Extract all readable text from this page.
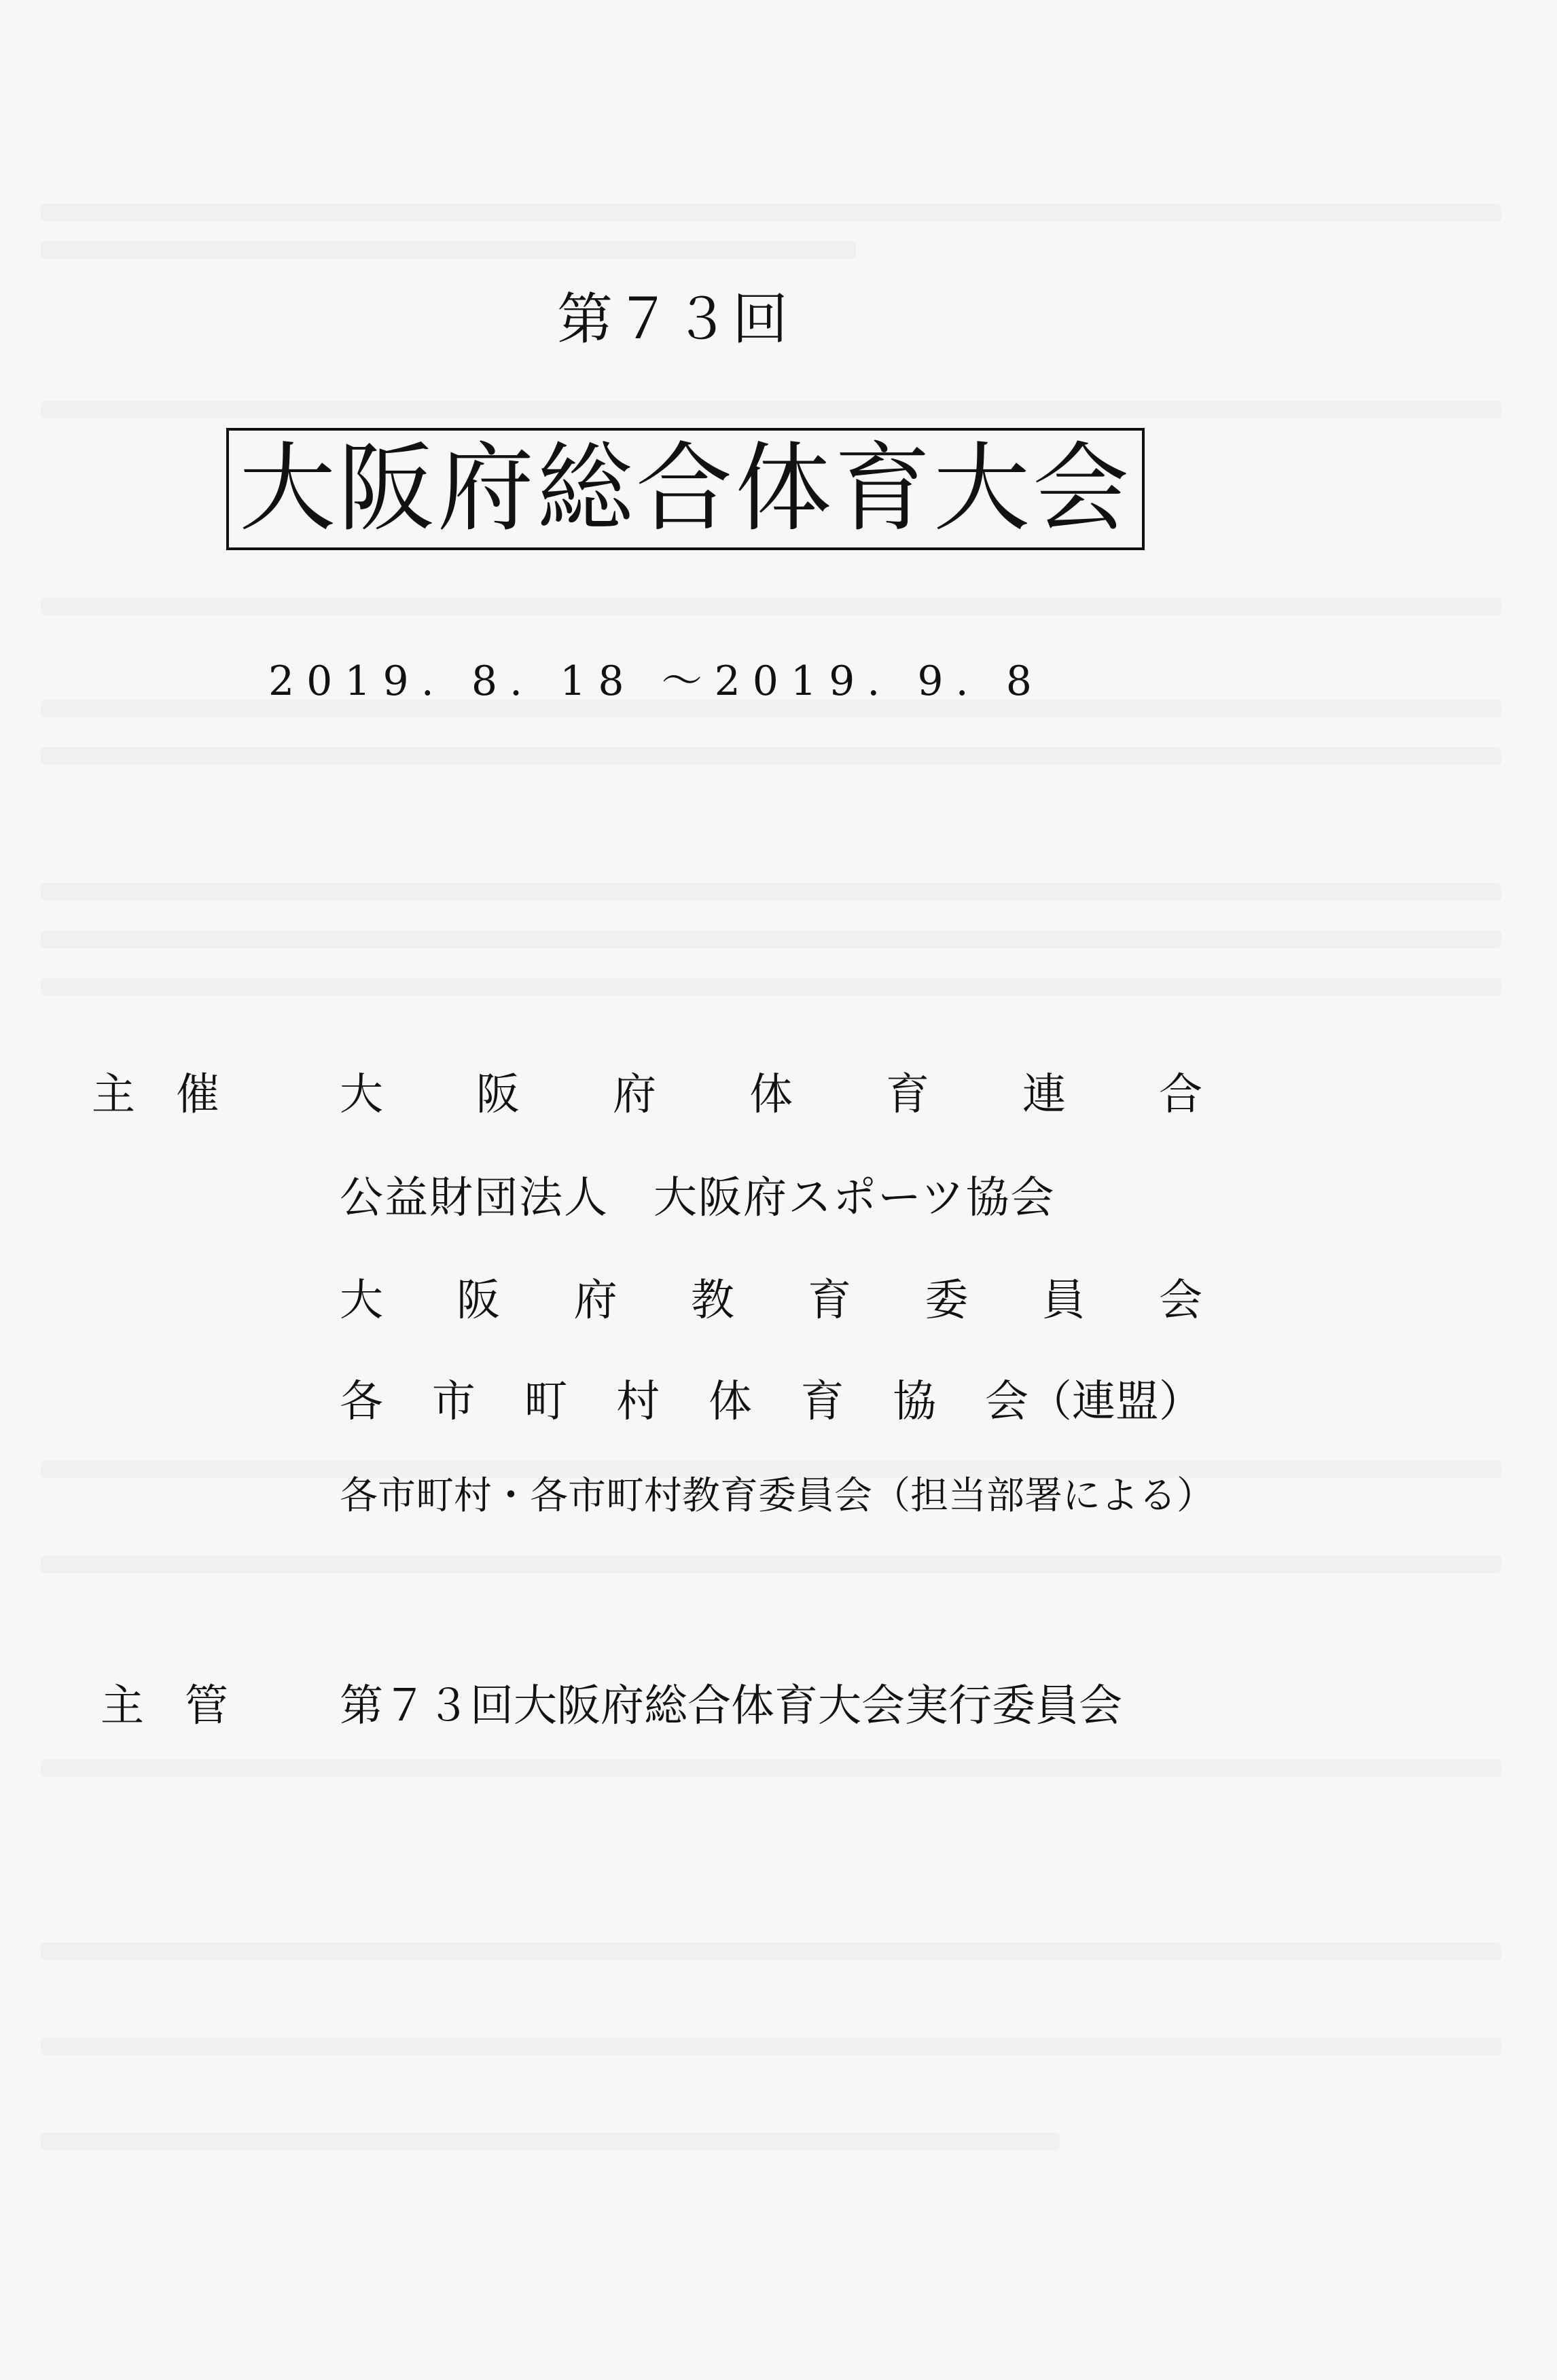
第７３回
大阪府総合体育大会
2019. 8. 18 ～2019. 9. 8
主催 大 阪 府 体 育 連 合
公益財団法人　大阪府スポーツ協会
大 阪 府 教 育 委 員 会
各 市 町 村 体 育 協 会（連盟）
各市町村・各市町村教育委員会（担当部署による）
主管 第７３回大阪府総合体育大会実行委員会
